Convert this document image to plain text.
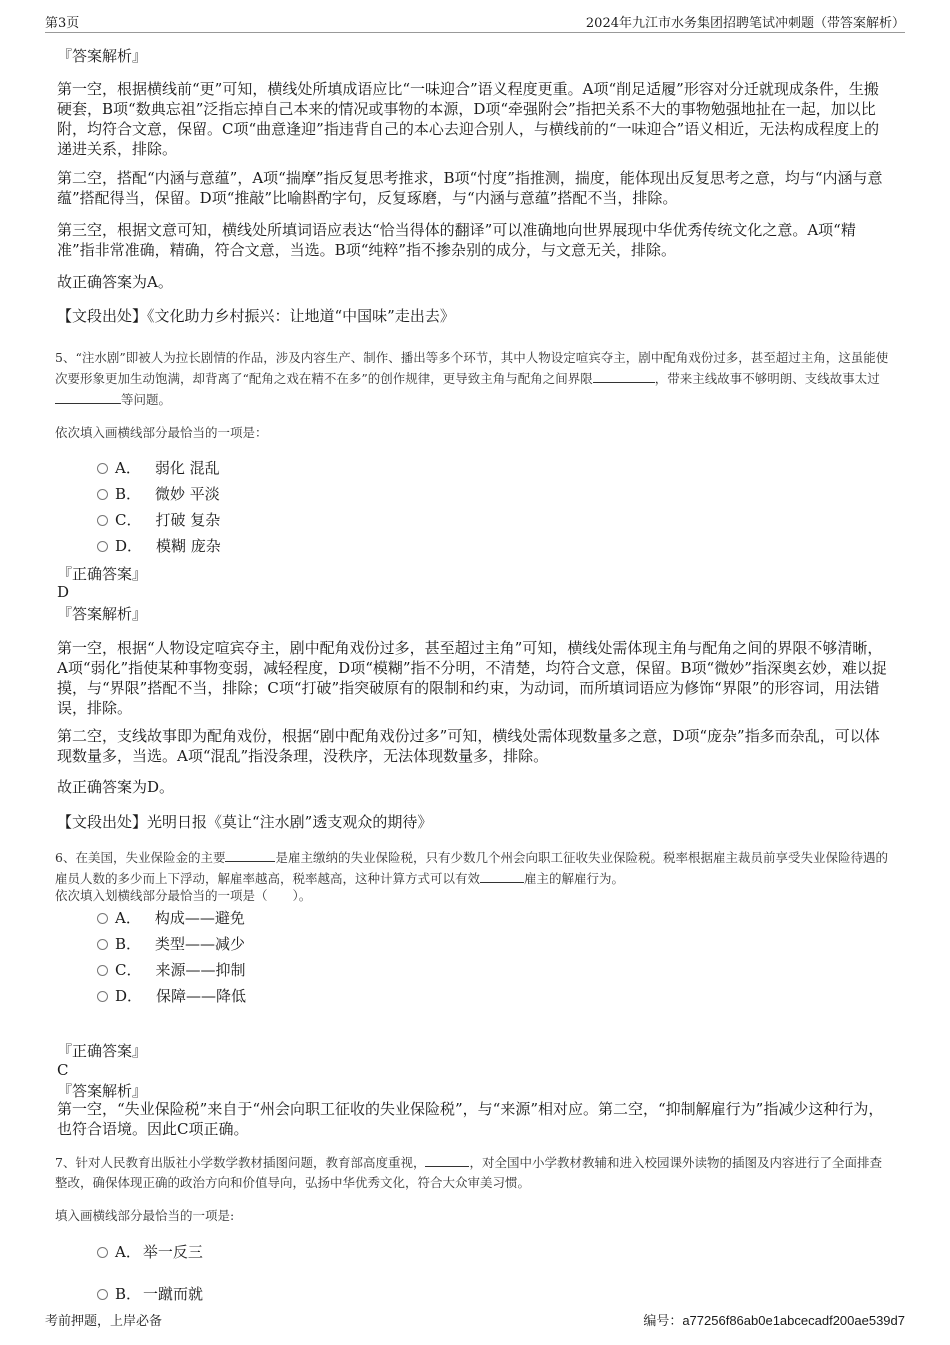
第3页	2024年九江市水务集团招聘笔试冲刺题（带答案解析）

『答案解析』

第一空，根据横线前“更”可知，横线处所填成语应比“一味迎合”语义程度更重。A项“削足适履”形容对分迁就现成条件，生搬硬套，B项“数典忘祖”泛指忘掉自己本来的情况或事物的本源，D项“牵强附会”指把关系不大的事物勉强地扯在一起，加以比附，均符合文意，保留。C项“曲意逢迎”指违背自己的本心去迎合别人，与横线前的“一味迎合”语义相近，无法构成程度上的递进关系，排除。

第二空，搭配“内涵与意蕴”，A项“揣摩”指反复思考推求，B项“忖度”指推测，揣度，能体现出反复思考之意，均与“内涵与意蕴”搭配得当，保留。D项“推敲”比喻斟酌字句，反复琢磨，与“内涵与意蕴”搭配不当，排除。

第三空，根据文意可知，横线处所填词语应表达“恰当得体的翻译”可以准确地向世界展现中华优秀传统文化之意。A项“精准”指非常准确，精确，符合文意，当选。B项“纯粹”指不掺杂别的成分，与文意无关，排除。

故正确答案为A。

【文段出处】《文化助力乡村振兴：让地道“中国味”走出去》

5、“注水剧”即被人为拉长剧情的作品，涉及内容生产、制作、播出等多个环节，其中人物设定喧宾夺主，剧中配角戏份过多，甚至超过主角，这虽能使次要形象更加生动饱满，却背离了“配角之戏在精不在多”的创作规律，更导致主角与配角之间界限	，带来主线故事不够明朗、支线故事太过等问题。

依次填入画横线部分最恰当的一项是：

A． 弱化 混乱
B． 微妙 平淡
C． 打破 复杂
D． 模糊 庞杂

『正确答案』

D

『答案解析』

第一空，根据“人物设定喧宾夺主，剧中配角戏份过多，甚至超过主角”可知，横线处需体现主角与配角之间的界限不够清晰，A项“弱化”指使某种事物变弱，减轻程度，D项“模糊”指不分明，不清楚，均符合文意，保留。B项“微妙”指深奥玄妙，难以捉摸，与“界限”搭配不当，排除；C项“打破”指突破原有的限制和约束，为动词，而所填词语应为修饰“界限”的形容词，用法错误，排除。

第二空，支线故事即为配角戏份，根据“剧中配角戏份过多”可知，横线处需体现数量多之意，D项“庞杂”指多而杂乱，可以体现数量多，当选。A项“混乱”指没条理，没秩序，无法体现数量多，排除。

故正确答案为D。

【文段出处】光明日报《莫让“注水剧”透支观众的期待》

6、在美国，失业保险金的主要	是雇主缴纳的失业保险税，只有少数几个州会向职工征收失业保险税。税率根据雇主裁员前享受失业保险待遇的雇员人数的多少而上下浮动，解雇率越高，税率越高，这种计算方式可以有效	雇主的解雇行为。

依次填入划横线部分最恰当的一项是（　　）。

A． 构成——避免
B． 类型——减少
C． 来源——抑制
D． 保障——降低

『正确答案』

C

『答案解析』

第一空，“失业保险税”来自于“州会向职工征收的失业保险税”，与“来源”相对应。第二空，“抑制解雇行为”指减少这种行为，也符合语境。因此C项正确。

7、针对人民教育出版社小学数学教材插图问题，教育部高度重视，	，对全国中小学教材教辅和进入校园课外读物的插图及内容进行了全面排查整改，确保体现正确的政治方向和价值导向，弘扬中华优秀文化，符合大众审美习惯。

填入画横线部分最恰当的一项是:

A． 举一反三
B． 一蹴而就
考前押题，上岸必备	编号：a77256f86ab0e1abcecadf200ae539d7
